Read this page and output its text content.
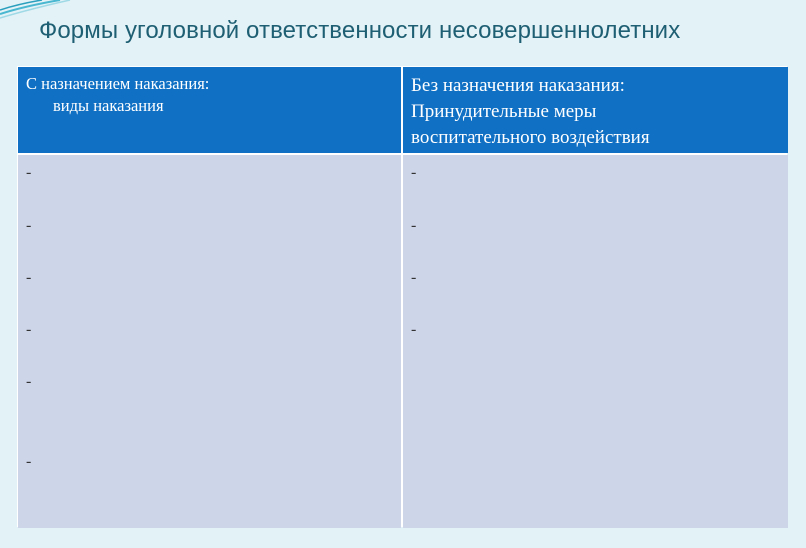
Формы уголовной ответственности несовершеннолетних
С назначением наказания:
виды наказания
Без назначения наказания:
Принудительные меры
воспитательного воздействия
-
-
-
-
-
-
-
-
-
-
